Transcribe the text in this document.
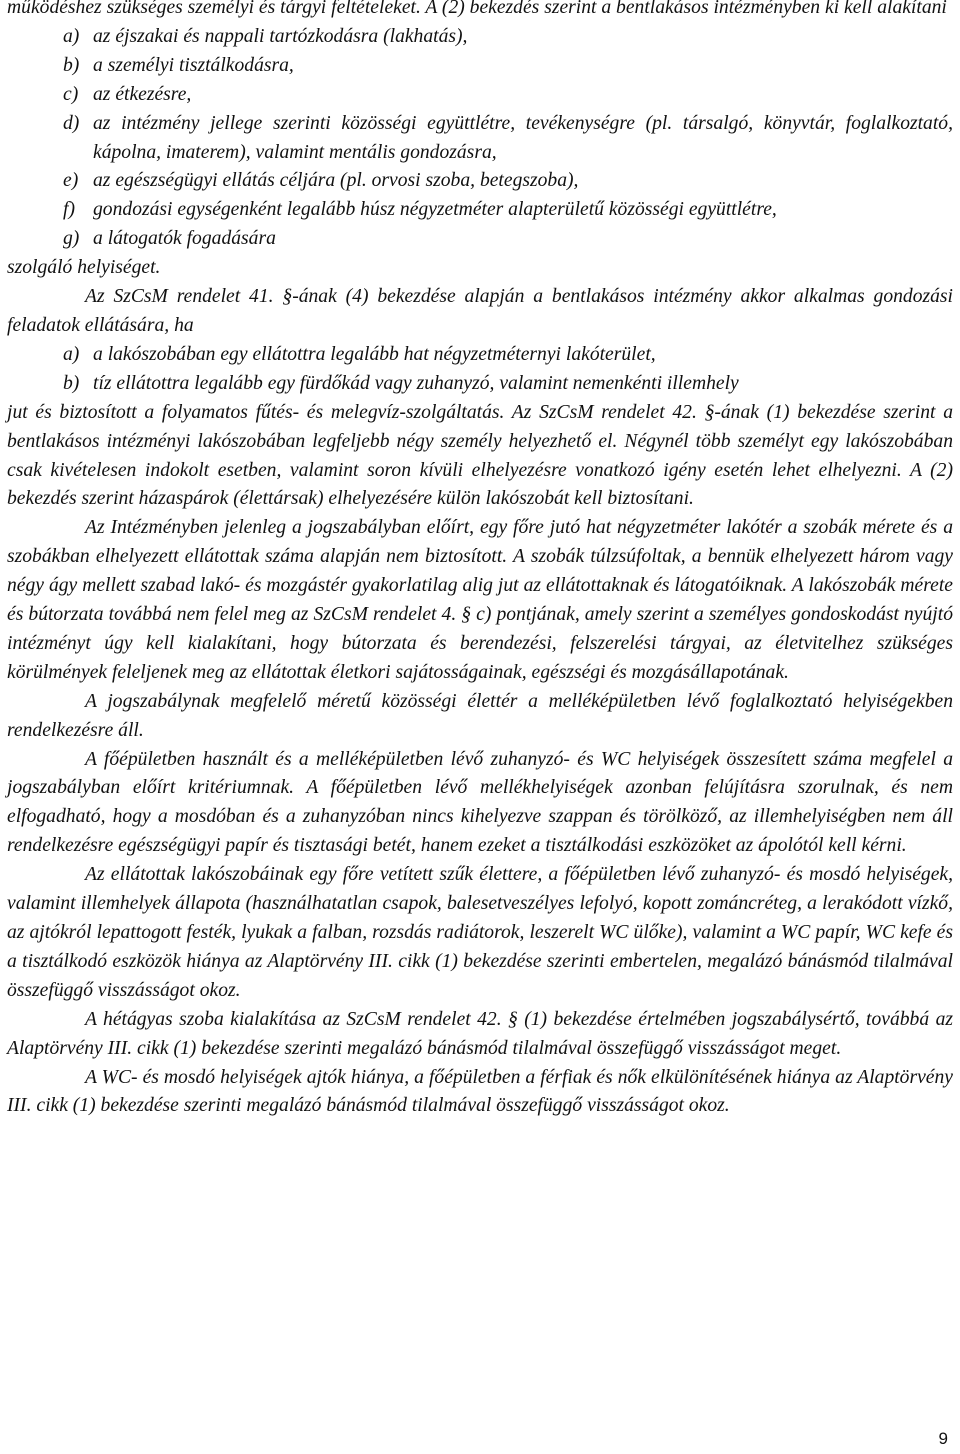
működéshez szükséges személyi és tárgyi feltételeket. A (2) bekezdés szerint a bentlakásos intézményben ki kell alakítani

a) az éjszakai és nappali tartózkodásra (lakhatás),
b) a személyi tisztálkodásra,
c) az étkezésre,
d) az intézmény jellege szerinti közösségi együttlétre, tevékenységre (pl. társalgó, könyvtár, foglalkoztató, kápolna, imaterem), valamint mentális gondozásra,
e) az egészségügyi ellátás céljára (pl. orvosi szoba, betegszoba),
f) gondozási egységenként legalább húsz négyzetméter alapterületű közösségi együttlétre,
g) a látogatók fogadására

szolgáló helyiséget.

Az SzCsM rendelet 41. §-ának (4) bekezdése alapján a bentlakásos intézmény akkor alkalmas gondozási feladatok ellátására, ha

a) a lakószobában egy ellátottra legalább hat négyzetméternyi lakóterület,
b) tíz ellátottra legalább egy fürdőkád vagy zuhanyzó, valamint nemenkénti illemhely

jut és biztosított a folyamatos fűtés- és melegvíz-szolgáltatás. Az SzCsM rendelet 42. §-ának (1) bekezdése szerint a bentlakásos intézményi lakószobában legfeljebb négy személy helyezhető el. Négynél több személyt egy lakószobában csak kivételesen indokolt esetben, valamint soron kívüli elhelyezésre vonatkozó igény esetén lehet elhelyezni. A (2) bekezdés szerint házaspárok (élettársak) elhelyezésére külön lakószobát kell biztosítani.

Az Intézményben jelenleg a jogszabályban előírt, egy főre jutó hat négyzetméter lakótér a szobák mérete és a szobákban elhelyezett ellátottak száma alapján nem biztosított. A szobák túlzsúfoltak, a bennük elhelyezett három vagy négy ágy mellett szabad lakó- és mozgástér gyakorlatilag alig jut az ellátottaknak és látogatóiknak. A lakószobák mérete és bútorzata továbbá nem felel meg az SzCsM rendelet 4. § c) pontjának, amely szerint a személyes gondoskodást nyújtó intézményt úgy kell kialakítani, hogy bútorzata és berendezési, felszerelési tárgyai, az életvitelhez szükséges körülmények feleljenek meg az ellátottak életkori sajátosságainak, egészségi és mozgásállapotának.

A jogszabálynak megfelelő méretű közösségi élettér a melléképületben lévő foglalkoztató helyiségekben rendelkezésre áll.

A főépületben használt és a melléképületben lévő zuhanyzó- és WC helyiségek összesített száma megfelel a jogszabályban előírt kritériumnak. A főépületben lévő mellékhelyiségek azonban felújításra szorulnak, és nem elfogadható, hogy a mosdóban és a zuhanyzóban nincs kihelyezve szappan és törölköző, az illemhelyiségben nem áll rendelkezésre egészségügyi papír és tisztasági betét, hanem ezeket a tisztálkodási eszközöket az ápolótól kell kérni.

Az ellátottak lakószobáinak egy főre vetített szűk élettere, a főépületben lévő zuhanyzó- és mosdó helyiségek, valamint illemhelyek állapota (használhatatlan csapok, balesetveszélyes lefolyó, kopott zománcréteg, a lerakódott vízkő, az ajtókról lepattogott festék, lyukak a falban, rozsdás radiátorok, leszerelt WC ülőke), valamint a WC papír, WC kefe és a tisztálkodó eszközök hiánya az Alaptörvény III. cikk (1) bekezdése szerinti embertelen, megalázó bánásmód tilalmával összefüggő visszásságot okoz.

A hétágyas szoba kialakítása az SzCsM rendelet 42. § (1) bekezdése értelmében jogszabálysértő, továbbá az Alaptörvény III. cikk (1) bekezdése szerinti megalázó bánásmód tilalmával összefüggő visszásságot meget.

A WC- és mosdó helyiségek ajtók hiánya, a főépületben a férfiak és nők elkülönítésének hiánya az Alaptörvény III. cikk (1) bekezdése szerinti megalázó bánásmód tilalmával összefüggő visszásságot okoz.

9
